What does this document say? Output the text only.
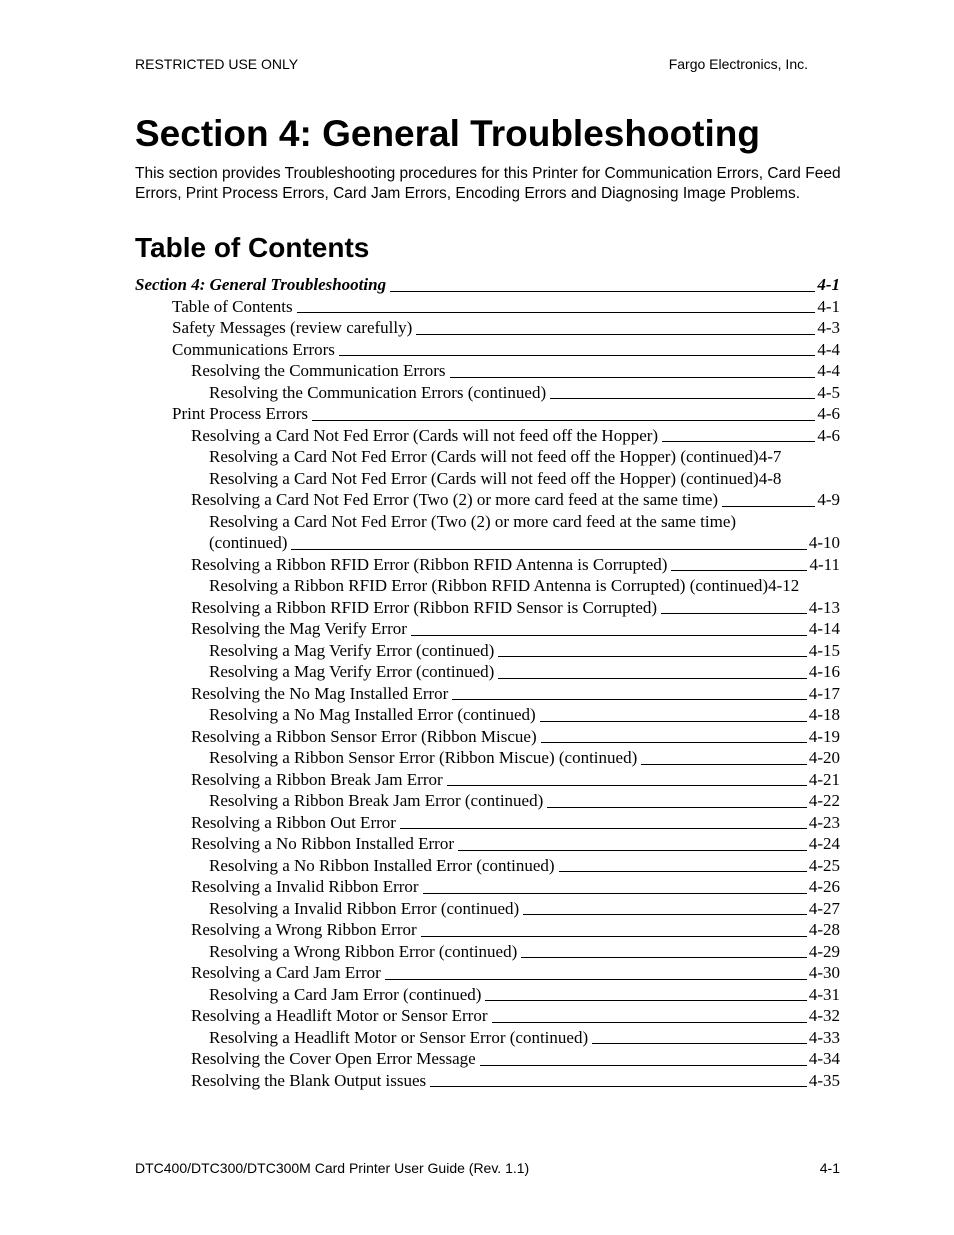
RESTRICTED USE ONLY	Fargo Electronics, Inc.
Section 4: General Troubleshooting

This section provides Troubleshooting procedures for this Printer for Communication Errors, Card Feed Errors, Print Process Errors, Card Jam Errors, Encoding Errors and Diagnosing Image Problems.

Table of Contents
Section 4: General Troubleshooting	4-1
Table of Contents	4-1
Safety Messages (review carefully)	4-3
Communications Errors	4-4
Resolving the Communication Errors	4-4
Resolving the Communication Errors (continued)	4-5
Print Process Errors	4-6
Resolving a Card Not Fed Error (Cards will not feed off the Hopper)	4-6
Resolving a Card Not Fed Error (Cards will not feed off the Hopper) (continued) 4-7
Resolving a Card Not Fed Error (Cards will not feed off the Hopper) (continued) 4-8
Resolving a Card Not Fed Error (Two (2) or more card feed at the same time)	4-9
Resolving a Card Not Fed Error (Two (2) or more card feed at the same time)
(continued)	4-10
Resolving a Ribbon RFID Error (Ribbon RFID Antenna is Corrupted)	4-11
Resolving a Ribbon RFID Error (Ribbon RFID Antenna is Corrupted) (continued)4-12
Resolving a Ribbon RFID Error (Ribbon RFID Sensor is Corrupted)	4-13
Resolving the Mag Verify Error	4-14
Resolving a Mag Verify Error (continued)	4-15
Resolving a Mag Verify Error (continued)	4-16
Resolving the No Mag Installed Error	4-17
Resolving a No Mag Installed Error (continued)	4-18
Resolving a Ribbon Sensor Error (Ribbon Miscue)	4-19
Resolving a Ribbon Sensor Error (Ribbon Miscue) (continued)	4-20
Resolving a Ribbon Break Jam Error	4-21
Resolving a Ribbon Break Jam Error (continued)	4-22
Resolving a Ribbon Out Error	4-23
Resolving a No Ribbon Installed Error	4-24
Resolving a No Ribbon Installed Error (continued)	4-25
Resolving a Invalid Ribbon Error	4-26
Resolving a Invalid Ribbon Error (continued)	4-27
Resolving a Wrong Ribbon Error	4-28
Resolving a Wrong Ribbon Error (continued)	4-29
Resolving a Card Jam Error	4-30
Resolving a Card Jam Error (continued)	4-31
Resolving a Headlift Motor or Sensor Error	4-32
Resolving a Headlift Motor or Sensor Error (continued)	4-33
Resolving the Cover Open Error Message	4-34
Resolving the Blank Output issues	4-35
DTC400/DTC300/DTC300M Card Printer User Guide (Rev. 1.1)	4-1
